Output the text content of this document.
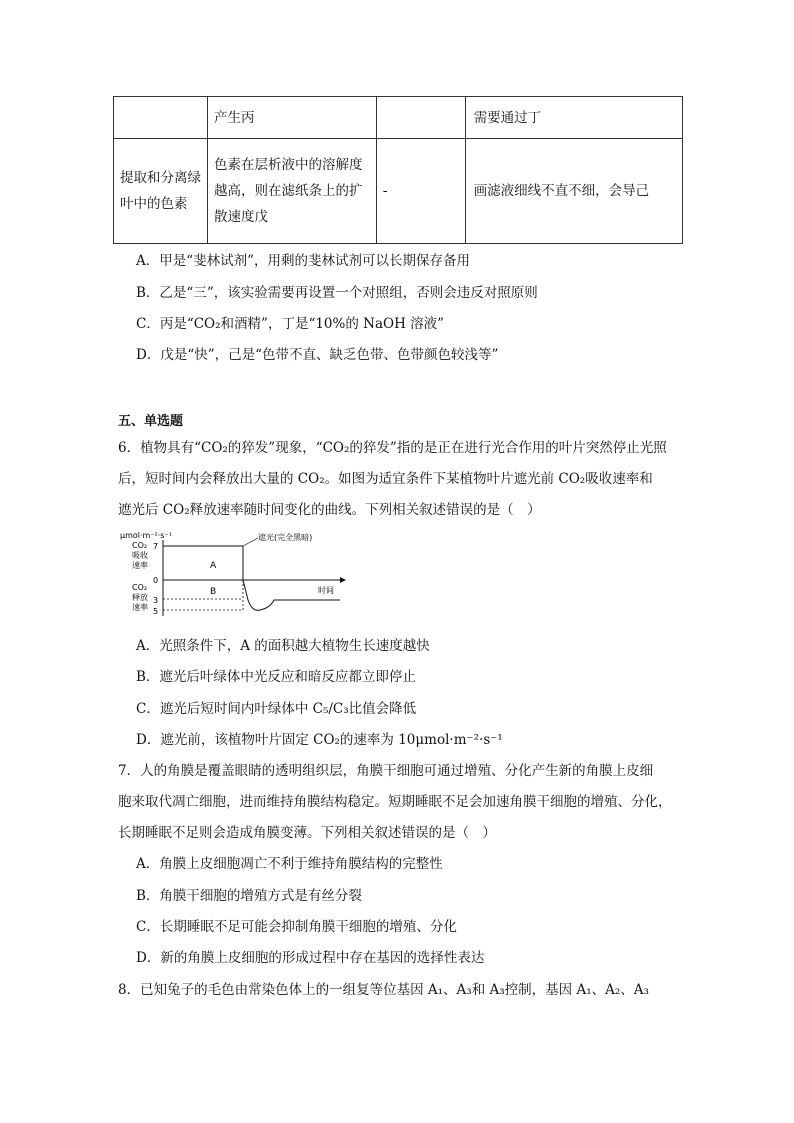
	产生丙		需要通过丁
提取和分离绿叶中的色素	色素在层析液中的溶解度越高，则在滤纸条上的扩散速度戊	-	画滤液细线不直不细，会导己
A．甲是“斐林试剂”，用剩的斐林试剂可以长期保存备用
B．乙是“三”，该实验需要再设置一个对照组，否则会违反对照原则
C．丙是“CO₂和酒精”，丁是“10%的 NaOH 溶液”
D．戊是“快”，己是“色带不直、缺乏色带、色带颜色较浅等”
五、单选题
6．植物具有“CO₂的猝发”现象，“CO₂的猝发”指的是正在进行光合作用的叶片突然停止光照
后，短时间内会释放出大量的 CO₂。如图为适宜条件下某植物叶片遮光前 CO₂吸收速率和
遮光后 CO₂释放速率随时间变化的曲线。下列相关叙述错误的是（　）
μmol·m⁻²·s⁻¹
CO₂
吸收
速率
CO₂
释放
速率
7
0
3
5
A
B
遮光(完全黑暗)
时间
A．光照条件下，A 的面积越大植物生长速度越快
B．遮光后叶绿体中光反应和暗反应都立即停止
C．遮光后短时间内叶绿体中 C₅/C₃比值会降低
D．遮光前，该植物叶片固定 CO₂的速率为 10μmol·m⁻²·s⁻¹
7．人的角膜是覆盖眼睛的透明组织层，角膜干细胞可通过增殖、分化产生新的角膜上皮细
胞来取代凋亡细胞，进而维持角膜结构稳定。短期睡眠不足会加速角膜干细胞的增殖、分化，
长期睡眠不足则会造成角膜变薄。下列相关叙述错误的是（　）
A．角膜上皮细胞凋亡不利于维持角膜结构的完整性
B．角膜干细胞的增殖方式是有丝分裂
C．长期睡眠不足可能会抑制角膜干细胞的增殖、分化
D．新的角膜上皮细胞的形成过程中存在基因的选择性表达
8．已知兔子的毛色由常染色体上的一组复等位基因 A₁、A₃和 A₃控制，基因 A₁、A₂、A₃
